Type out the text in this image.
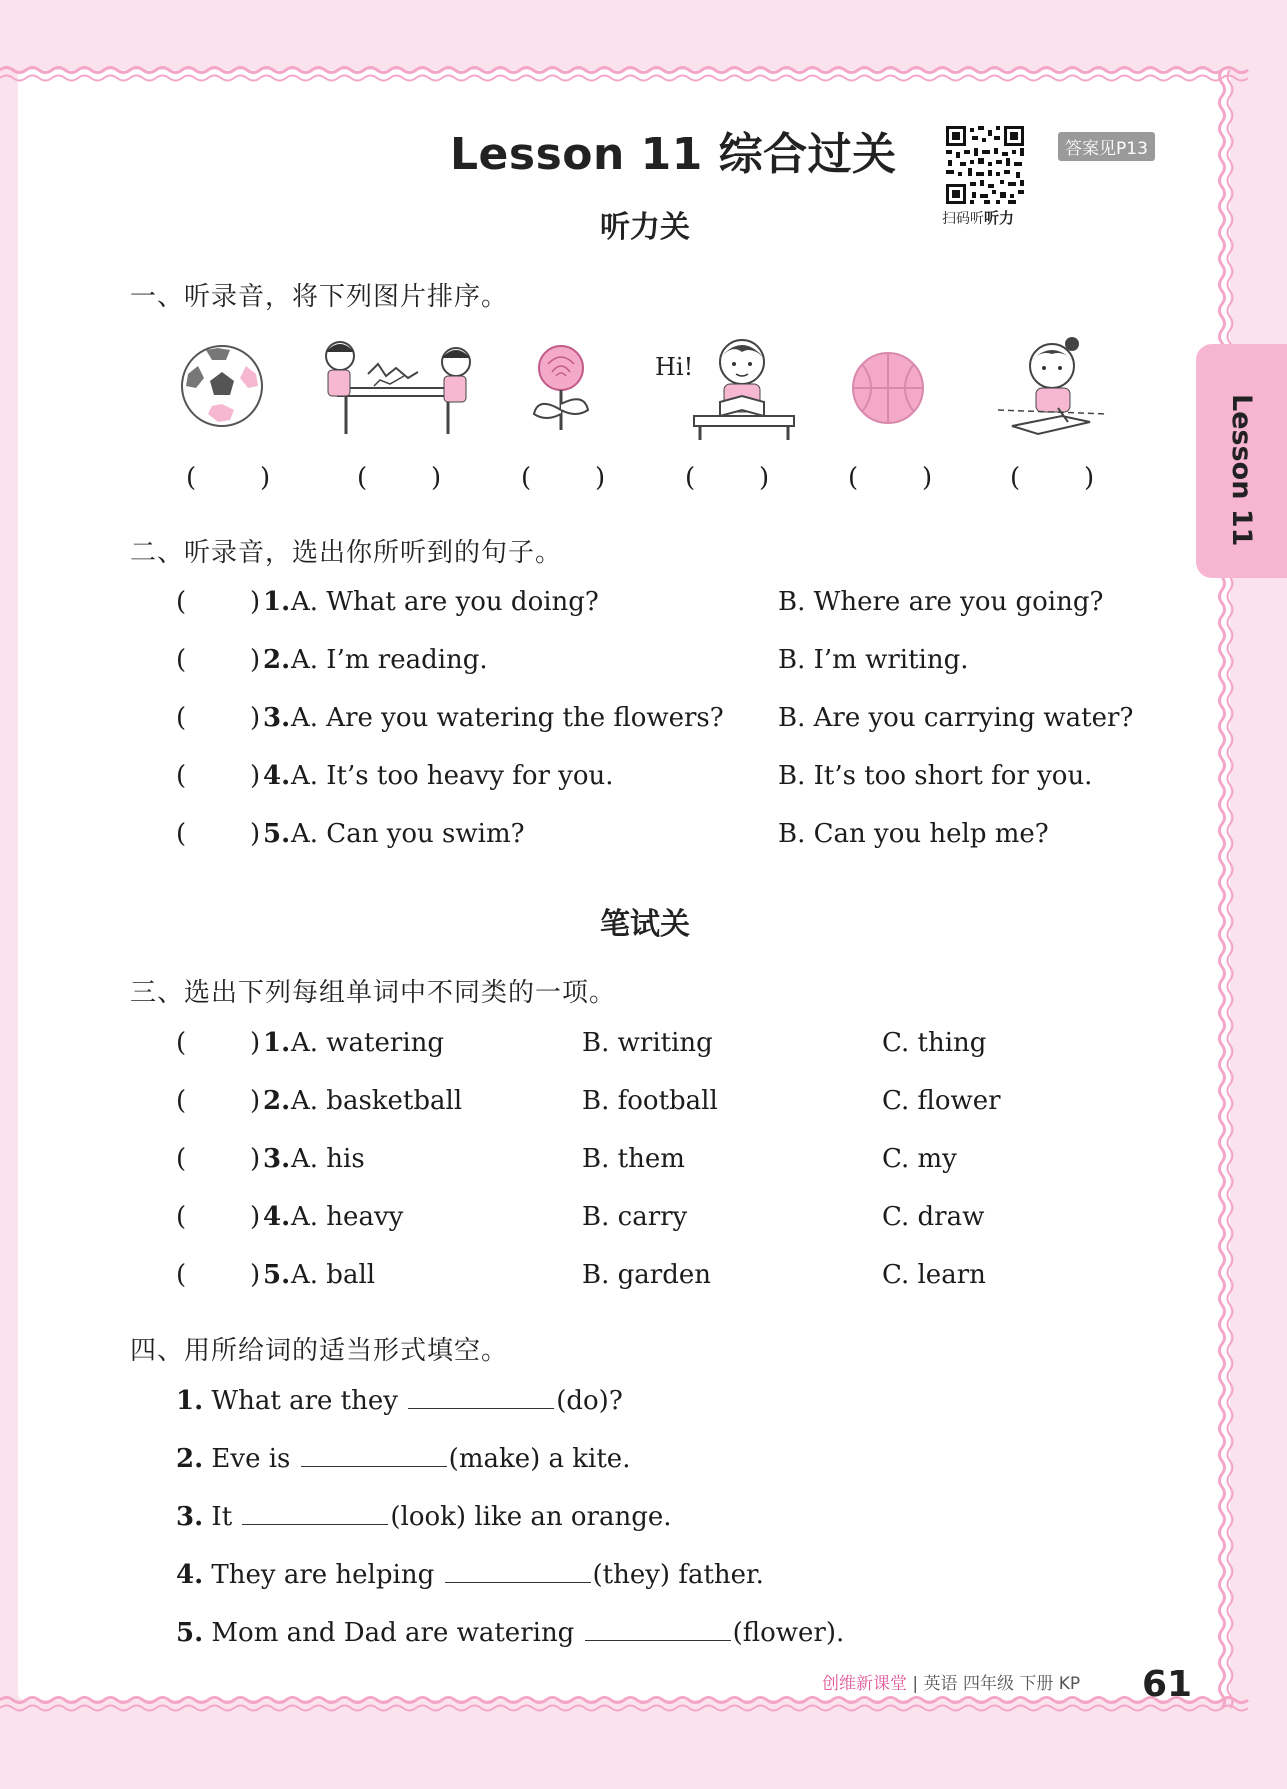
Lesson 11
Lesson 11 综合过关
扫码听听力
答案见P13
听力关
一、听录音，将下列图片排序。
Hi!
( )	( )	( )	( )	( )	( )
二、听录音，选出你所听到的句子。
( ) 1. A. What are you doing?	B. Where are you going?
( ) 2. A. I’m reading.	B. I’m writing.
( ) 3. A. Are you watering the flowers? B. Are you carrying water?
( ) 4. A. It’s too heavy for you.	B. It’s too short for you.
( ) 5. A. Can you swim?	B. Can you help me?
笔试关
三、选出下列每组单词中不同类的一项。
( ) 1. A. watering	B. writing	C. thing
( ) 2. A. basketball	B. football	C. flower
( ) 3. A. his	B. them	C. my
( ) 4. A. heavy	B. carry	C. draw
( ) 5. A. ball	B. garden	C. learn
四、用所给词的适当形式填空。
1. What are they	(do)?
2. Eve is	(make) a kite.
3. It	(look) like an orange.
4. They are helping	(they) father.
5. Mom and Dad are watering	(flower).
创维新课堂 | 英语 四年级 下册 KP 61
